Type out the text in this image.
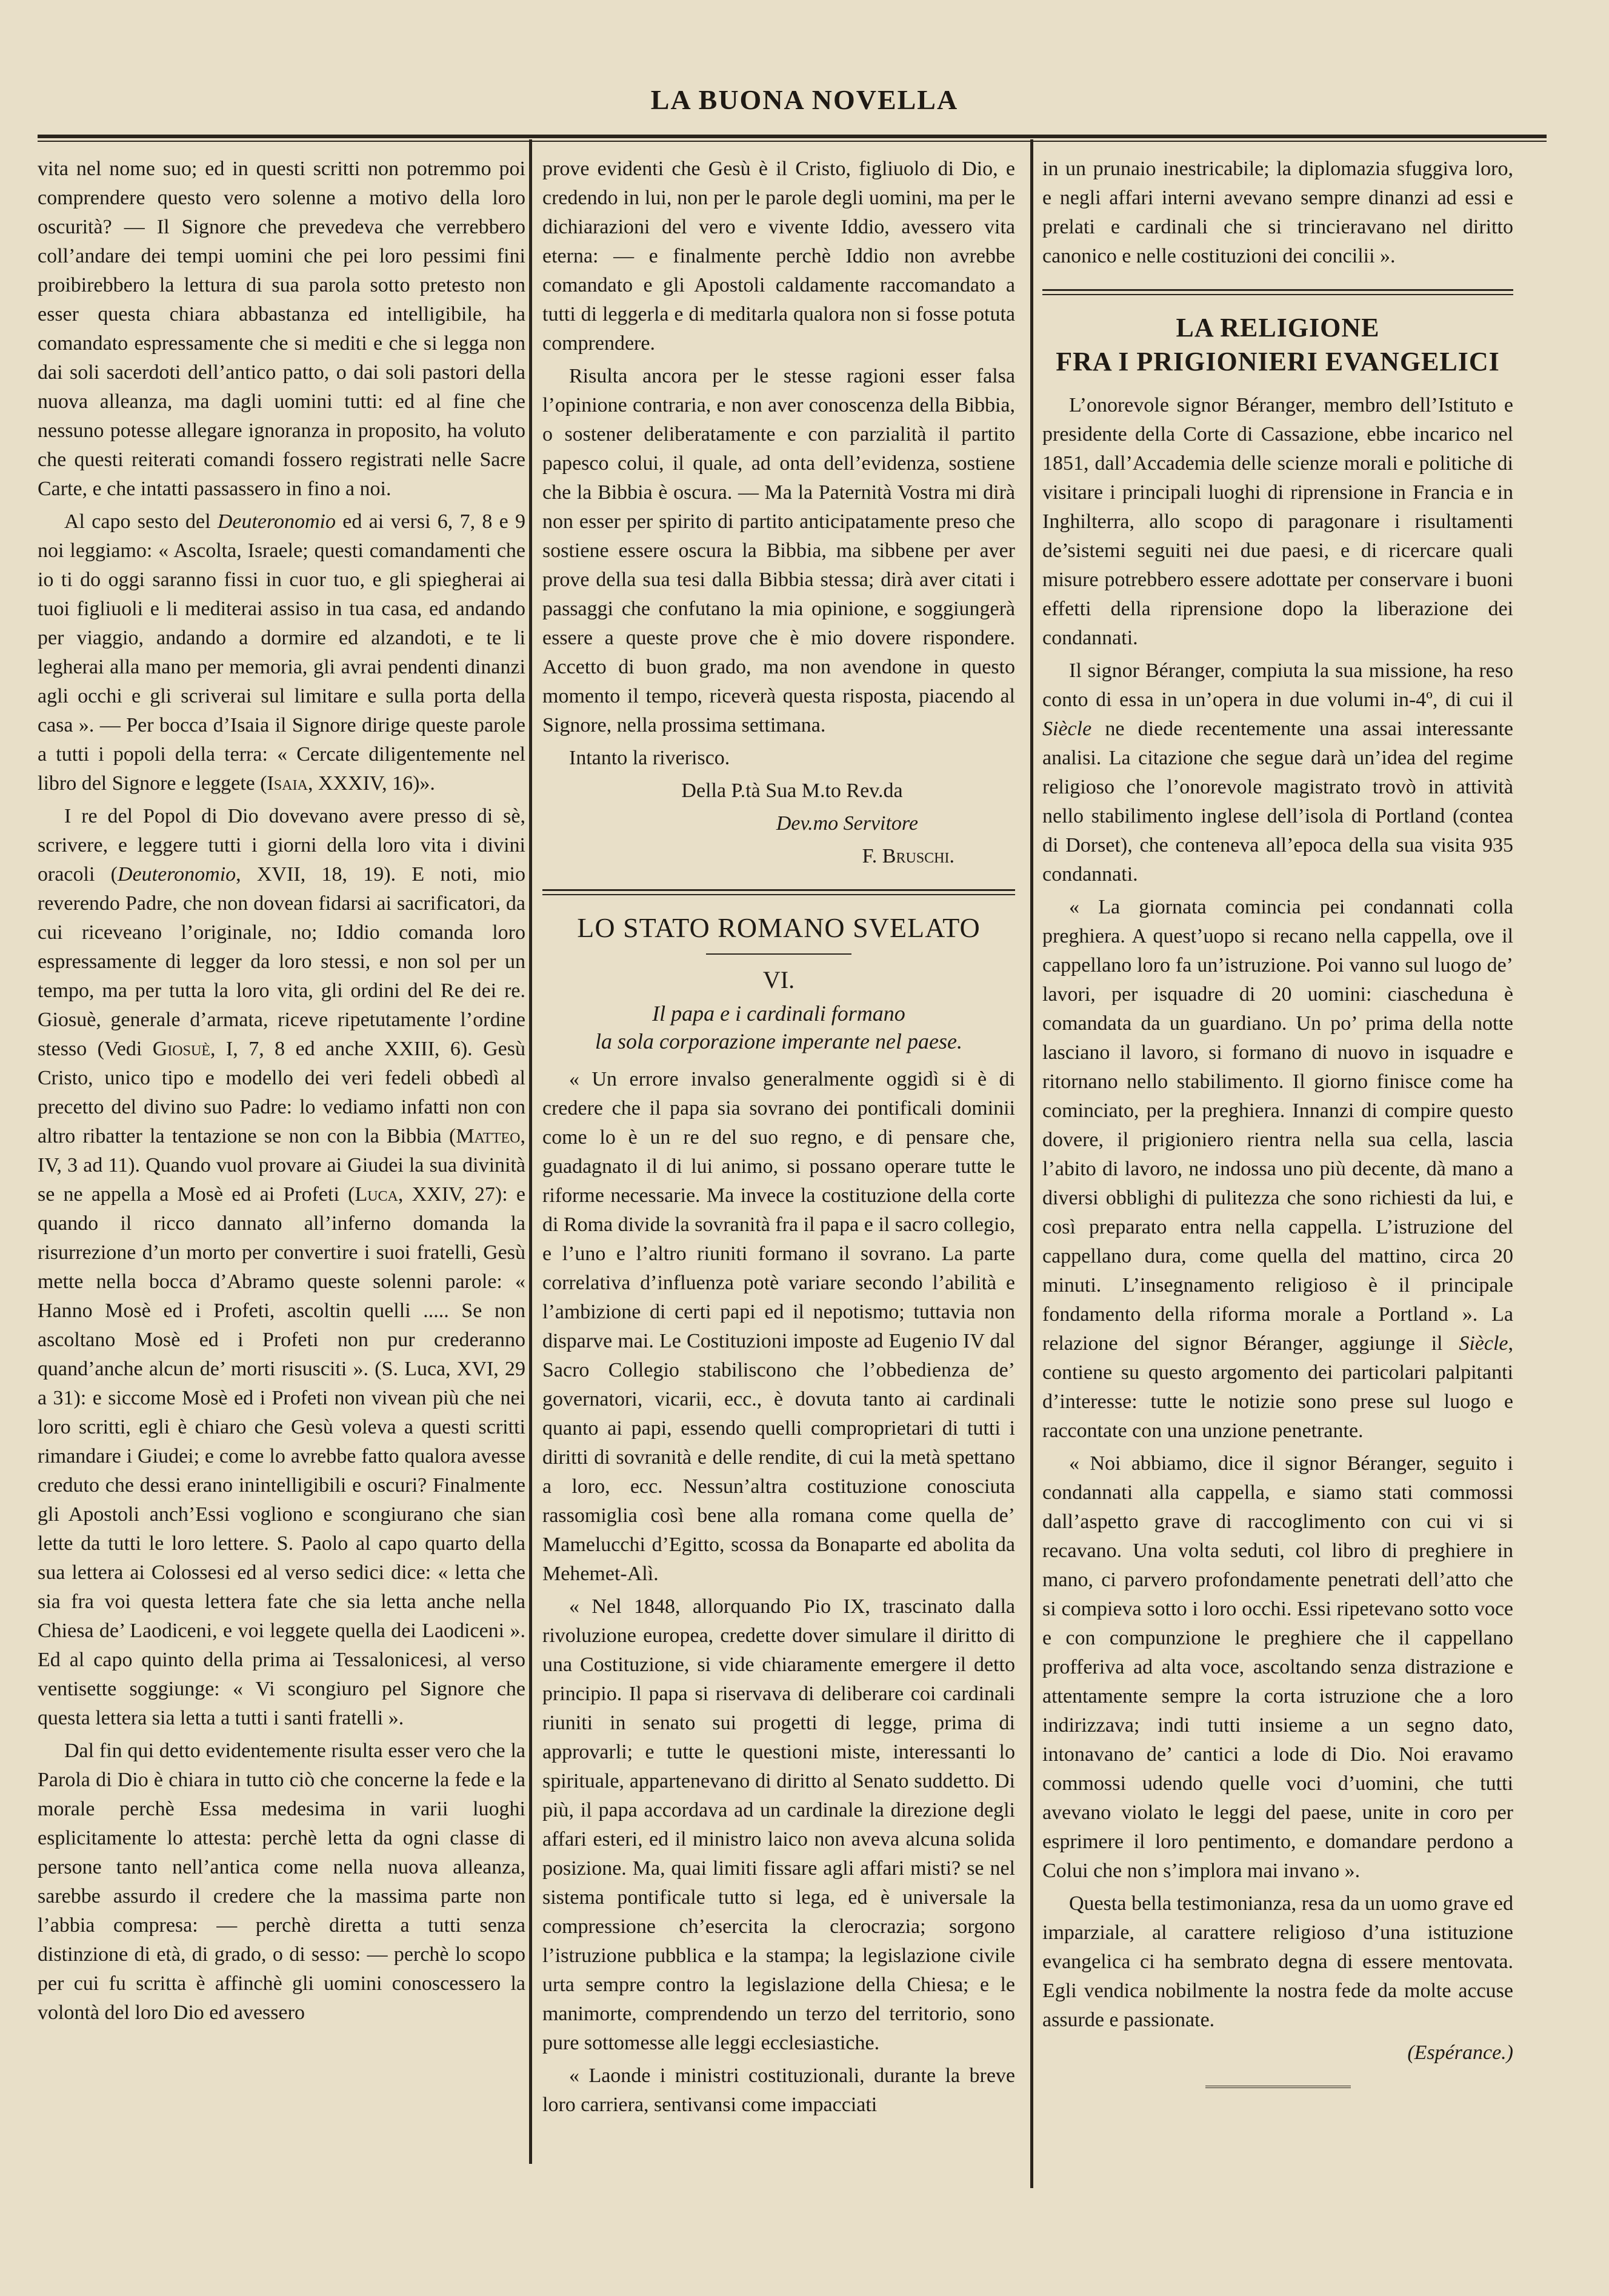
LA BUONA NOVELLA

vita nel nome suo; ed in questi scritti non potremmo poi comprendere questo vero solenne a motivo della loro oscurità? — Il Signore che prevedeva che verrebbero coll’andare dei tempi uomini che pei loro pessimi fini proibirebbero la lettura di sua parola sotto pretesto non esser questa chiara abbastanza ed intelligibile, ha comandato espressamente che si mediti e che si legga non dai soli sacerdoti dell’antico patto, o dai soli pastori della nuova alleanza, ma dagli uomini tutti: ed al fine che nessuno potesse allegare ignoranza in proposito, ha voluto che questi reiterati comandi fossero registrati nelle Sacre Carte, e che intatti passassero in fino a noi.

Al capo sesto del Deuteronomio ed ai versi 6, 7, 8 e 9 noi leggiamo: « Ascolta, Israele; questi comandamenti che io ti do oggi saranno fissi in cuor tuo, e gli spiegherai ai tuoi figliuoli e li mediterai assiso in tua casa, ed andando per viaggio, andando a dormire ed alzandoti, e te li legherai alla mano per memoria, gli avrai pendenti dinanzi agli occhi e gli scriverai sul limitare e sulla porta della casa ». — Per bocca d’Isaia il Signore dirige queste parole a tutti i popoli della terra: « Cercate diligentemente nel libro del Signore e leggete (Isaia, XXXIV, 16)».

I re del Popol di Dio dovevano avere presso di sè, scrivere, e leggere tutti i giorni della loro vita i divini oracoli (Deuteronomio, XVII, 18, 19). E noti, mio reverendo Padre, che non dovean fidarsi ai sacrificatori, da cui riceveano l’originale, no; Iddio comanda loro espressamente di legger da loro stessi, e non sol per un tempo, ma per tutta la loro vita, gli ordini del Re dei re. Giosuè, generale d’armata, riceve ripetutamente l’ordine stesso (Vedi Giosuè, I, 7, 8 ed anche XXIII, 6). Gesù Cristo, unico tipo e modello dei veri fedeli obbedì al precetto del divino suo Padre: lo vediamo infatti non con altro ribatter la tentazione se non con la Bibbia (Matteo, IV, 3 ad 11). Quando vuol provare ai Giudei la sua divinità se ne appella a Mosè ed ai Profeti (Luca, XXIV, 27): e quando il ricco dannato all’inferno domanda la risurrezione d’un morto per convertire i suoi fratelli, Gesù mette nella bocca d’Abramo queste solenni parole: « Hanno Mosè ed i Profeti, ascoltin quelli ..... Se non ascoltano Mosè ed i Profeti non pur crederanno quand’anche alcun de’ morti risusciti ». (S. Luca, XVI, 29 a 31): e siccome Mosè ed i Profeti non vivean più che nei loro scritti, egli è chiaro che Gesù voleva a questi scritti rimandare i Giudei; e come lo avrebbe fatto qualora avesse creduto che dessi erano inintelligibili e oscuri? Finalmente gli Apostoli anch’Essi vogliono e scongiurano che sian lette da tutti le loro lettere. S. Paolo al capo quarto della sua lettera ai Colossesi ed al verso sedici dice: « letta che sia fra voi questa lettera fate che sia letta anche nella Chiesa de’ Laodiceni, e voi leggete quella dei Laodiceni ». Ed al capo quinto della prima ai Tessalonicesi, al verso ventisette soggiunge: « Vi scongiuro pel Signore che questa lettera sia letta a tutti i santi fratelli ».

Dal fin qui detto evidentemente risulta esser vero che la Parola di Dio è chiara in tutto ciò che concerne la fede e la morale perchè Essa medesima in varii luoghi esplicitamente lo attesta: perchè letta da ogni classe di persone tanto nell’antica come nella nuova alleanza, sarebbe assurdo il credere che la massima parte non l’abbia compresa: — perchè diretta a tutti senza distinzione di età, di grado, o di sesso: — perchè lo scopo per cui fu scritta è affinchè gli uomini conoscessero la volontà del loro Dio ed avessero

prove evidenti che Gesù è il Cristo, figliuolo di Dio, e credendo in lui, non per le parole degli uomini, ma per le dichiarazioni del vero e vivente Iddio, avessero vita eterna: — e finalmente perchè Iddio non avrebbe comandato e gli Apostoli caldamente raccomandato a tutti di leggerla e di meditarla qualora non si fosse potuta comprendere.

Risulta ancora per le stesse ragioni esser falsa l’opinione contraria, e non aver conoscenza della Bibbia, o sostener deliberatamente e con parzialità il partito papesco colui, il quale, ad onta dell’evidenza, sostiene che la Bibbia è oscura. — Ma la Paternità Vostra mi dirà non esser per spirito di partito anticipatamente preso che sostiene essere oscura la Bibbia, ma sibbene per aver prove della sua tesi dalla Bibbia stessa; dirà aver citati i passaggi che confutano la mia opinione, e soggiungerà essere a queste prove che è mio dovere rispondere. Accetto di buon grado, ma non avendone in questo momento il tempo, riceverà questa risposta, piacendo al Signore, nella prossima settimana.

Intanto la riverisco.

Della P.tà Sua M.to Rev.da

Dev.mo Servitore

F. Bruschi.

LO STATO ROMANO SVELATO
VI.
Il papa e i cardinali formano
la sola corporazione imperante nel paese.

« Un errore invalso generalmente oggidì si è di credere che il papa sia sovrano dei pontificali dominii come lo è un re del suo regno, e di pensare che, guadagnato il di lui animo, si possano operare tutte le riforme necessarie. Ma invece la costituzione della corte di Roma divide la sovranità fra il papa e il sacro collegio, e l’uno e l’altro riuniti formano il sovrano. La parte correlativa d’influenza potè variare secondo l’abilità e l’ambizione di certi papi ed il nepotismo; tuttavia non disparve mai. Le Costituzioni imposte ad Eugenio IV dal Sacro Collegio stabiliscono che l’obbedienza de’ governatori, vicarii, ecc., è dovuta tanto ai cardinali quanto ai papi, essendo quelli comproprietari di tutti i diritti di sovranità e delle rendite, di cui la metà spettano a loro, ecc. Nessun’altra costituzione conosciuta rassomiglia così bene alla romana come quella de’ Mamelucchi d’Egitto, scossa da Bonaparte ed abolita da Mehemet-Alì.

« Nel 1848, allorquando Pio IX, trascinato dalla rivoluzione europea, credette dover simulare il diritto di una Costituzione, si vide chiaramente emergere il detto principio. Il papa si riservava di deliberare coi cardinali riuniti in senato sui progetti di legge, prima di approvarli; e tutte le questioni miste, interessanti lo spirituale, appartenevano di diritto al Senato suddetto. Di più, il papa accordava ad un cardinale la direzione degli affari esteri, ed il ministro laico non aveva alcuna solida posizione. Ma, quai limiti fissare agli affari misti? se nel sistema pontificale tutto si lega, ed è universale la compressione ch’esercita la clerocrazia; sorgono l’istruzione pubblica e la stampa; la legislazione civile urta sempre contro la legislazione della Chiesa; e le manimorte, comprendendo un terzo del territorio, sono pure sottomesse alle leggi ecclesiastiche.

« Laonde i ministri costituzionali, durante la breve loro carriera, sentivansi come impacciati

in un prunaio inestricabile; la diplomazia sfuggiva loro, e negli affari interni avevano sempre dinanzi ad essi e prelati e cardinali che si trincieravano nel diritto canonico e nelle costituzioni dei concilii ».

LA RELIGIONE
FRA I PRIGIONIERI EVANGELICI

L’onorevole signor Béranger, membro dell’Istituto e presidente della Corte di Cassazione, ebbe incarico nel 1851, dall’Accademia delle scienze morali e politiche di visitare i principali luoghi di riprensione in Francia e in Inghilterra, allo scopo di paragonare i risultamenti de’sistemi seguiti nei due paesi, e di ricercare quali misure potrebbero essere adottate per conservare i buoni effetti della riprensione dopo la liberazione dei condannati.

Il signor Béranger, compiuta la sua missione, ha reso conto di essa in un’opera in due volumi in-4º, di cui il Siècle ne diede recentemente una assai interessante analisi. La citazione che segue darà un’idea del regime religioso che l’onorevole magistrato trovò in attività nello stabilimento inglese dell’isola di Portland (contea di Dorset), che conteneva all’epoca della sua visita 935 condannati.

« La giornata comincia pei condannati colla preghiera. A quest’uopo si recano nella cappella, ove il cappellano loro fa un’istruzione. Poi vanno sul luogo de’ lavori, per isquadre di 20 uomini: ciascheduna è comandata da un guardiano. Un po’ prima della notte lasciano il lavoro, si formano di nuovo in isquadre e ritornano nello stabilimento. Il giorno finisce come ha cominciato, per la preghiera. Innanzi di compire questo dovere, il prigioniero rientra nella sua cella, lascia l’abito di lavoro, ne indossa uno più decente, dà mano a diversi obblighi di pulitezza che sono richiesti da lui, e così preparato entra nella cappella. L’istruzione del cappellano dura, come quella del mattino, circa 20 minuti. L’insegnamento religioso è il principale fondamento della riforma morale a Portland ». La relazione del signor Béranger, aggiunge il Siècle, contiene su questo argomento dei particolari palpitanti d’interesse: tutte le notizie sono prese sul luogo e raccontate con una unzione penetrante.

« Noi abbiamo, dice il signor Béranger, seguito i condannati alla cappella, e siamo stati commossi dall’aspetto grave di raccoglimento con cui vi si recavano. Una volta seduti, col libro di preghiere in mano, ci parvero profondamente penetrati dell’atto che si compieva sotto i loro occhi. Essi ripetevano sotto voce e con compunzione le preghiere che il cappellano profferiva ad alta voce, ascoltando senza distrazione e attentamente sempre la corta istruzione che a loro indirizzava; indi tutti insieme a un segno dato, intonavano de’ cantici a lode di Dio. Noi eravamo commossi udendo quelle voci d’uomini, che tutti avevano violato le leggi del paese, unite in coro per esprimere il loro pentimento, e domandare perdono a Colui che non s’implora mai invano ».

Questa bella testimonianza, resa da un uomo grave ed imparziale, al carattere religioso d’una istituzione evangelica ci ha sembrato degna di essere mentovata. Egli vendica nobilmente la nostra fede da molte accuse assurde e passionate.

(Espérance.)
